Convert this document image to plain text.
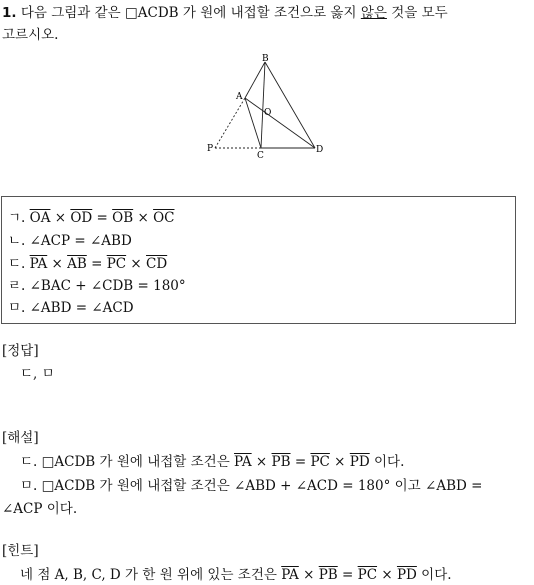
1. 다음 그림과 같은 □ACDB 가 원에 내접할 조건으로 옳지 않은 것을 모두
고르시오.
B
A
O
P
C
D
ㄱ. $\overline{OA} \times \overline{OD} = \overline{OB} \times \overline{OC}$
ㄴ. ∠ACP = ∠ABD
ㄷ. $\overline{PA} \times \overline{AB} = \overline{PC} \times \overline{CD}$
ㄹ. ∠BAC + ∠CDB = 180°
ㅁ. ∠ABD = ∠ACD
[정답]
ㄷ, ㅁ
[해설]
ㄷ. □ACDB 가 원에 내접할 조건은 $\overline{PA} \times \overline{PB} = \overline{PC} \times \overline{PD}$ 이다.
ㅁ. □ACDB 가 원에 내접할 조건은 ∠ABD + ∠ACD = 180° 이고 ∠ABD =
∠ACP 이다.
[힌트]
네 점 A, B, C, D 가 한 원 위에 있는 조건은 $\overline{PA} \times \overline{PB} = \overline{PC} \times \overline{PD}$ 이다.
